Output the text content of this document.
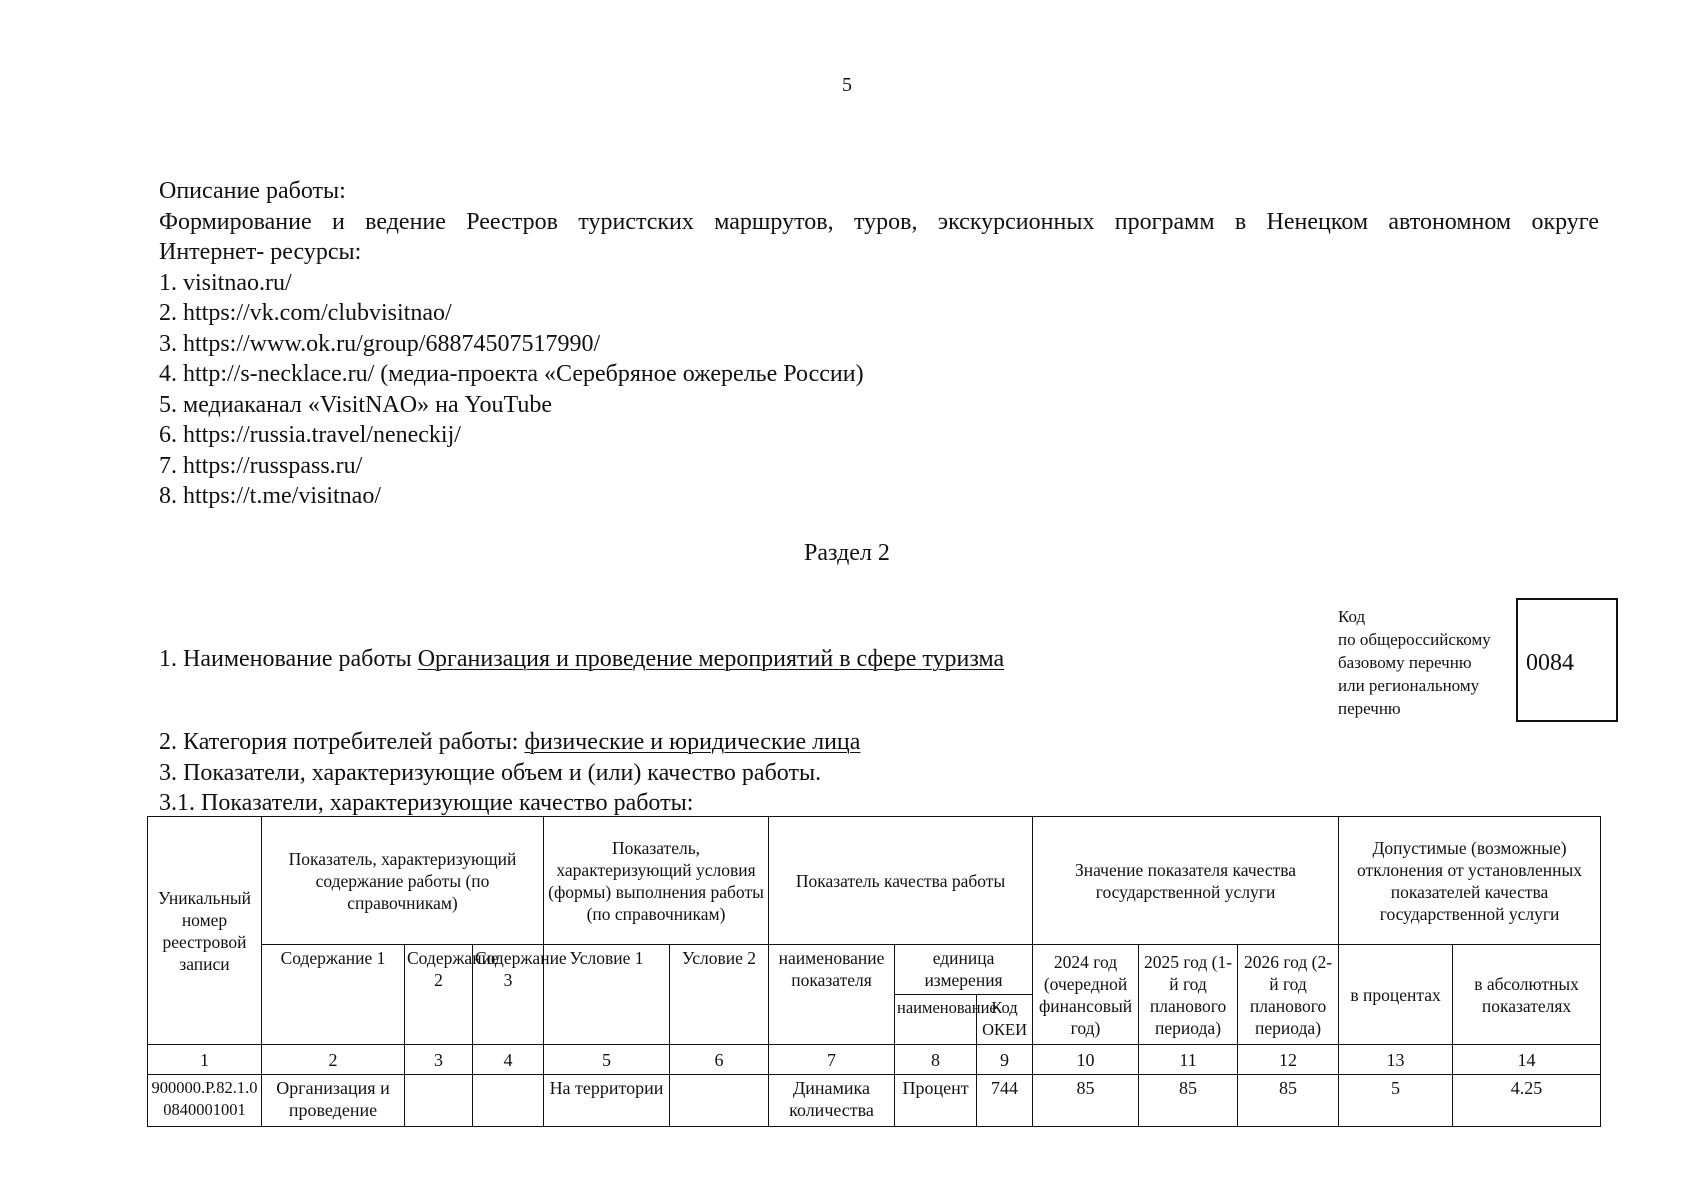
5
Описание работы:
Формирование и ведение Реестров туристских маршрутов, туров, экскурсионных программ в Ненецком автономном округе
Интернет- ресурсы:
1. visitnao.ru/
2. https://vk.com/clubvisitnao/
3. https://www.ok.ru/group/68874507517990/
4. http://s-necklace.ru/ (медиа-проекта «Серебряное ожерелье России)
5. медиаканал «VisitNAO» на YouTube
6. https://russia.travel/neneckij/
7. https://russpass.ru/
8. https://t.me/visitnao/
Раздел 2
1. Наименование работы Организация и проведение мероприятий в сфере туризма
Код
по общероссийскому
базовому перечню
или региональному
перечню
0084
2. Категория потребителей работы: физические и юридические лица
3. Показатели, характеризующие объем и (или) качество работы.
3.1. Показатели, характеризующие качество работы:
Уникальный номер реестровой записи	Показатель, характеризующий содержание работы (по справочникам)			Показатель, характеризующий условия (формы) выполнения работы (по справочникам)		Показатель качества работы			Значение показателя качества государственной услуги			Допустимые (возможные) отклонения от установленных показателей качества государственной услуги	
	Содержание 1	Содержание 2	Содержание 3	Условие 1	Условие 2	наименование показателя	единица измерения		2024 год (очередной финансовый год)	2025 год (1-й год планового периода)	2026 год (2-й год планового периода)	в процентах	в абсолютных показателях
							наименование	Код ОКЕИ					
1	2	3	4	5	6	7	8	9	10	11	12	13	14
900000.Р.82.1.00840001001	Организация и проведение			На территории		Динамика количества	Процент	744	85	85	85	5	4.25
